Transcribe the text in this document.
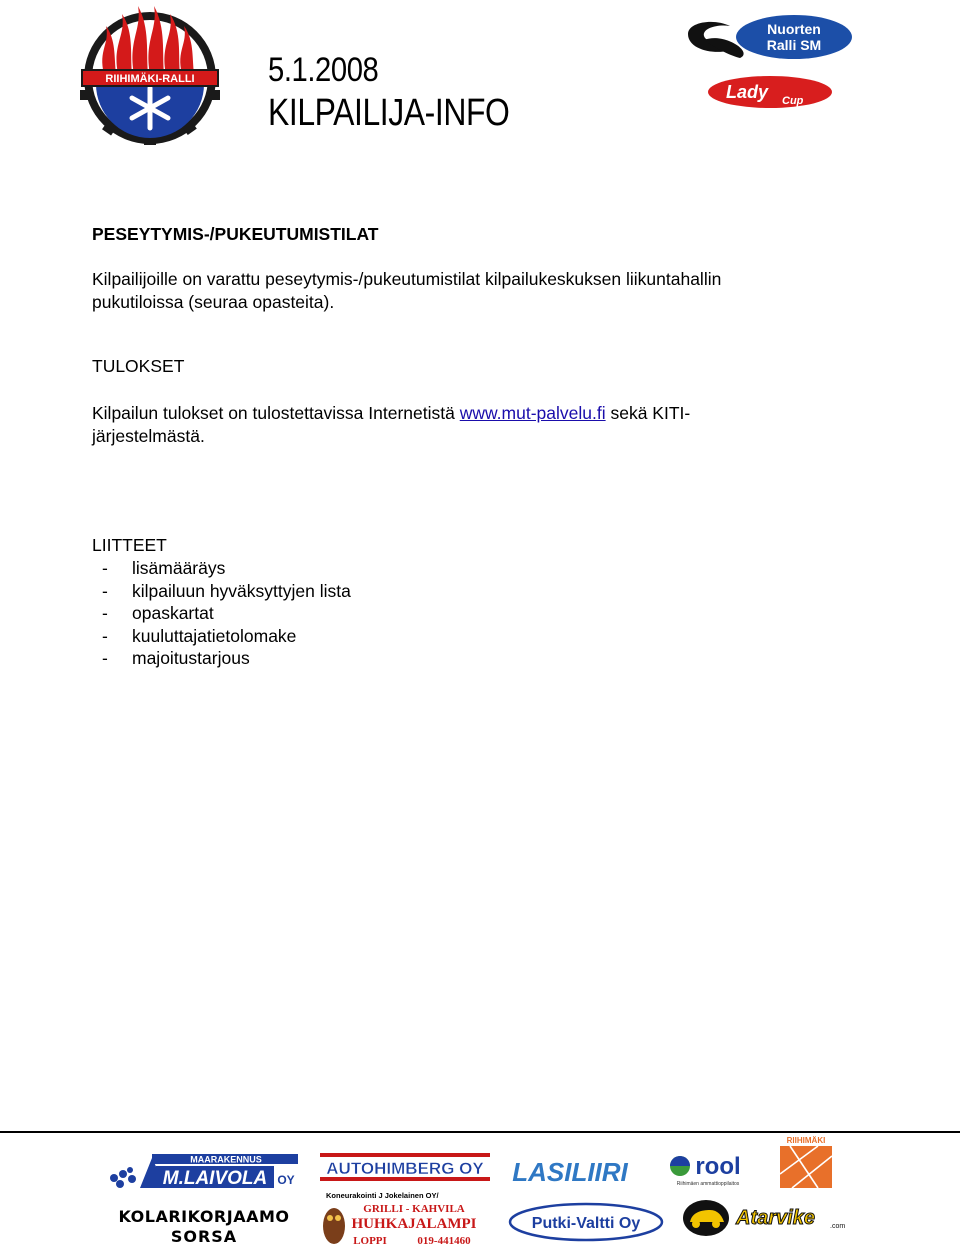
RIIHIMÄKI-RALLI 5.1.2008
KILPAILIJA-INFO
Nuorten
Ralli SM
Lady Cup
PESEYTYMIS-/PUKEUTUMISTILAT
Kilpailijoille on varattu peseytymis-/pukeutumistilat kilpailukeskuksen liikuntahallin
pukutiloissa (seuraa opasteita).
TULOKSET
Kilpailun tulokset on tulostettavissa Internetistä www.mut-palvelu.fi sekä KITI-
järjestelmästä.
LIITTEET
-	lisämääräys
-	kilpailuun hyväksyttyjen lista
-	opaskartat
-	kuuluttajatietolomake
-	majoitustarjous
MAARAKENNUS
M.LAIVOLA OY
AUTOHIMBERG OY LASILIIRI	rool
Riihimäen ammattioppilaitos
RIIHIMÄKI
KOLARIKORJAAMO
SORSA
Koneurakointi J Jokelainen OY/
GRILLI - KAHVILA
HUHKAJALAMPI
LOPPI	019-441460
Putki-Valtti Oy	Atarvike .com
